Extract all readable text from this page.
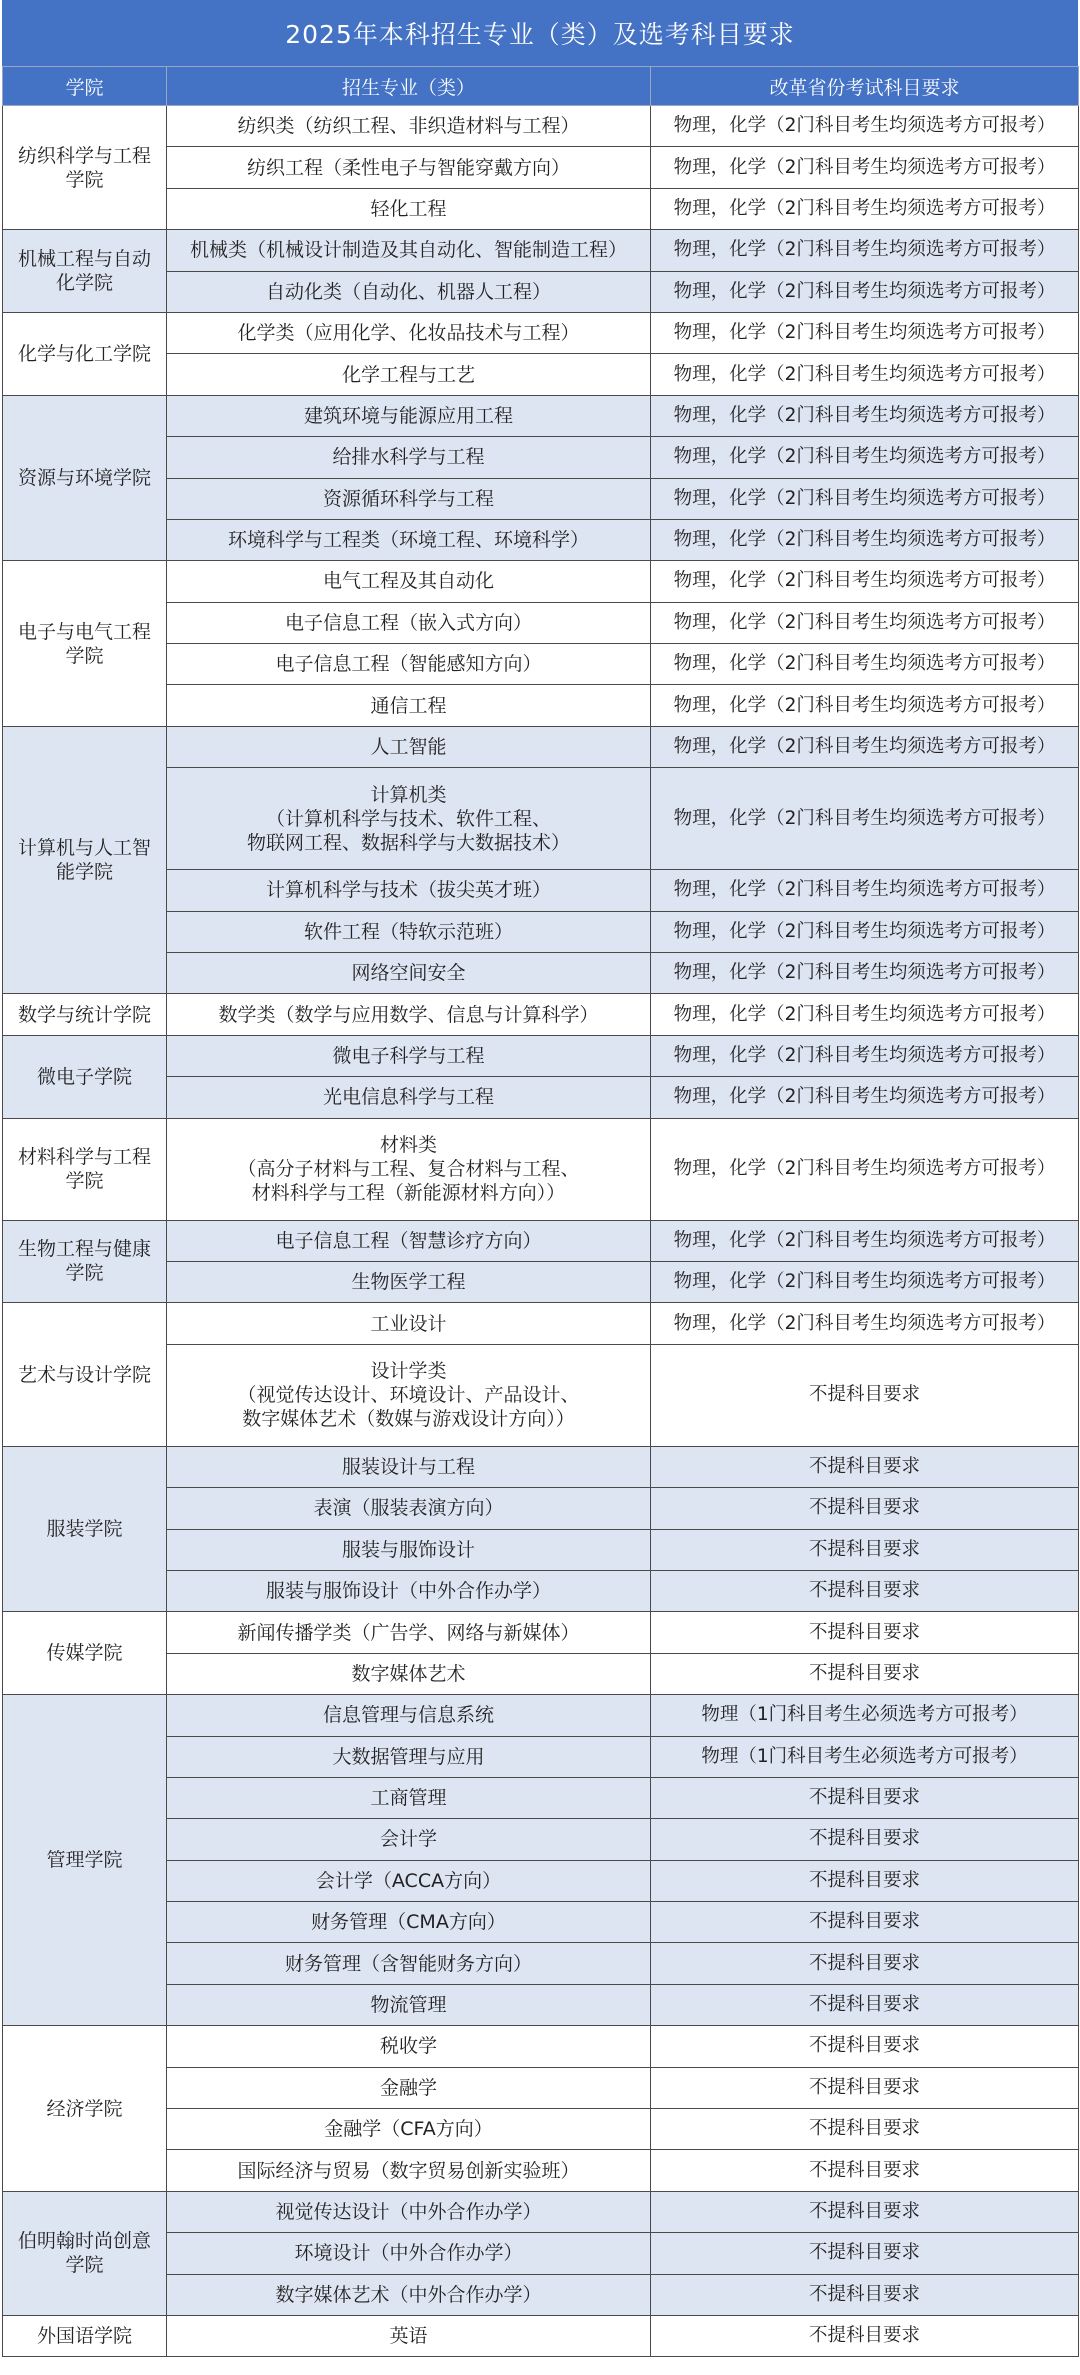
2025年本科招生专业（类）及选考科目要求
学院	招生专业（类）	改革省份考试科目要求
纺织科学与工程学院	纺织类（纺织工程、非织造材料与工程）	物理，化学（2门科目考生均须选考方可报考）

	纺织工程（柔性电子与智能穿戴方向）	物理，化学（2门科目考生均须选考方可报考）

	轻化工程	物理，化学（2门科目考生均须选考方可报考）
机械工程与自动化学院	机械类（机械设计制造及其自动化、智能制造工程）	物理，化学（2门科目考生均须选考方可报考）

	自动化类（自动化、机器人工程）	物理，化学（2门科目考生均须选考方可报考）
化学与化工学院	化学类（应用化学、化妆品技术与工程）	物理，化学（2门科目考生均须选考方可报考）

	化学工程与工艺	物理，化学（2门科目考生均须选考方可报考）
资源与环境学院	建筑环境与能源应用工程	物理，化学（2门科目考生均须选考方可报考）

	给排水科学与工程	物理，化学（2门科目考生均须选考方可报考）

	资源循环科学与工程	物理，化学（2门科目考生均须选考方可报考）

	环境科学与工程类（环境工程、环境科学）	物理，化学（2门科目考生均须选考方可报考）
电子与电气工程学院	电气工程及其自动化	物理，化学（2门科目考生均须选考方可报考）

	电子信息工程（嵌入式方向）	物理，化学（2门科目考生均须选考方可报考）

	电子信息工程（智能感知方向）	物理，化学（2门科目考生均须选考方可报考）

	通信工程	物理，化学（2门科目考生均须选考方可报考）
计算机与人工智能学院	人工智能	物理，化学（2门科目考生均须选考方可报考）

	计算机类
（计算机科学与技术、软件工程、
物联网工程、数据科学与大数据技术）	物理，化学（2门科目考生均须选考方可报考）

	计算机科学与技术（拔尖英才班）	物理，化学（2门科目考生均须选考方可报考）

	软件工程（特软示范班）	物理，化学（2门科目考生均须选考方可报考）

	网络空间安全	物理，化学（2门科目考生均须选考方可报考）
数学与统计学院	数学类（数学与应用数学、信息与计算科学）	物理，化学（2门科目考生均须选考方可报考）
微电子学院	微电子科学与工程	物理，化学（2门科目考生均须选考方可报考）

	光电信息科学与工程	物理，化学（2门科目考生均须选考方可报考）
材料科学与工程学院	材料类
（高分子材料与工程、复合材料与工程、
材料科学与工程（新能源材料方向））	物理，化学（2门科目考生均须选考方可报考）
生物工程与健康学院	电子信息工程（智慧诊疗方向）	物理，化学（2门科目考生均须选考方可报考）

	生物医学工程	物理，化学（2门科目考生均须选考方可报考）
艺术与设计学院	工业设计	物理，化学（2门科目考生均须选考方可报考）

	设计学类
（视觉传达设计、环境设计、产品设计、
数字媒体艺术（数媒与游戏设计方向））	不提科目要求
服装学院	服装设计与工程	不提科目要求

	表演（服装表演方向）	不提科目要求

	服装与服饰设计	不提科目要求

	服装与服饰设计（中外合作办学）	不提科目要求
传媒学院	新闻传播学类（广告学、网络与新媒体）	不提科目要求

	数字媒体艺术	不提科目要求
管理学院	信息管理与信息系统	物理（1门科目考生必须选考方可报考）

	大数据管理与应用	物理（1门科目考生必须选考方可报考）

	工商管理	不提科目要求

	会计学	不提科目要求

	会计学（ACCA方向）	不提科目要求

	财务管理（CMA方向）	不提科目要求

	财务管理（含智能财务方向）	不提科目要求

	物流管理	不提科目要求
经济学院	税收学	不提科目要求

	金融学	不提科目要求

	金融学（CFA方向）	不提科目要求

	国际经济与贸易（数字贸易创新实验班）	不提科目要求
伯明翰时尚创意学院	视觉传达设计（中外合作办学）	不提科目要求

	环境设计（中外合作办学）	不提科目要求

	数字媒体艺术（中外合作办学）	不提科目要求
外国语学院	英语	不提科目要求
